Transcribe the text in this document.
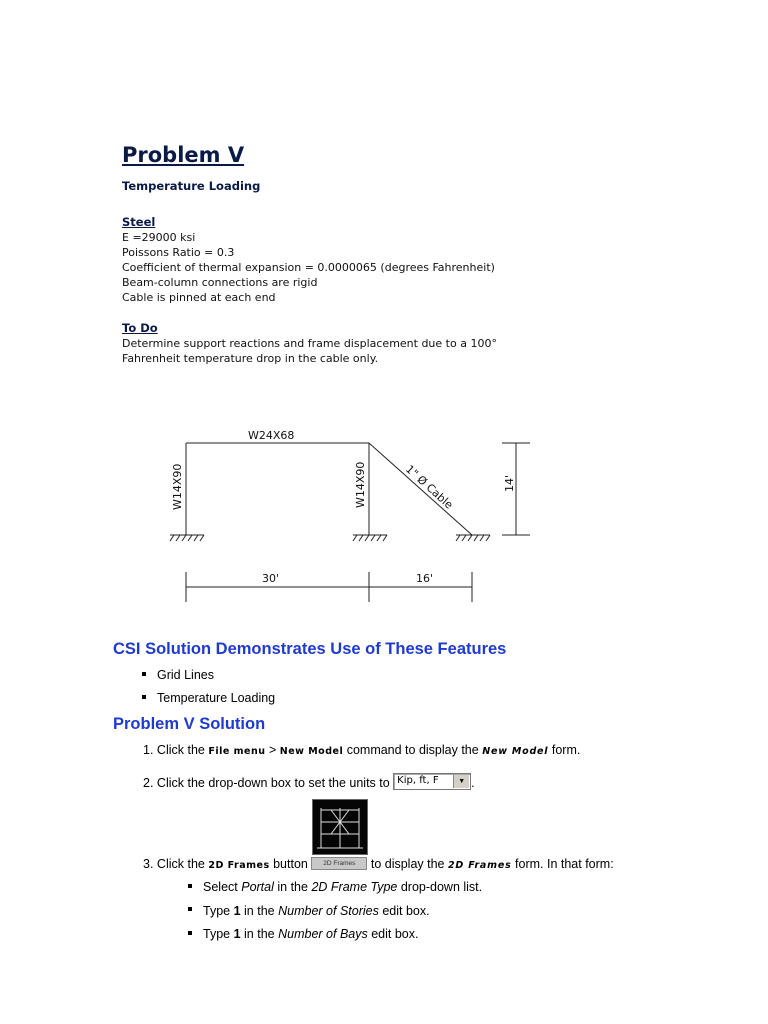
Problem V
Temperature Loading
Steel
E =29000 ksi
Poissons Ratio = 0.3
Coefficient of thermal expansion = 0.0000065 (degrees Fahrenheit)
Beam-column connections are rigid
Cable is pinned at each end
To Do
Determine support reactions and frame displacement due to a 100°
Fahrenheit temperature drop in the cable only.
W24X68
W14X90	W14X90	1" Ø Cable	14'
30'	16'
CSI Solution Demonstrates Use of These Features
Grid Lines
Temperature Loading
Problem V Solution

1. Click the File menu > New Model command to display the New Model form.

2. Click the drop-down box to set the units to Kip, ft, F	▼ .

3. Click the 2D Frames button 2D Frames to display the 2D Frames form. In that form:

Select Portal in the 2D Frame Type drop-down list.
Type 1 in the Number of Stories edit box.
Type 1 in the Number of Bays edit box.
